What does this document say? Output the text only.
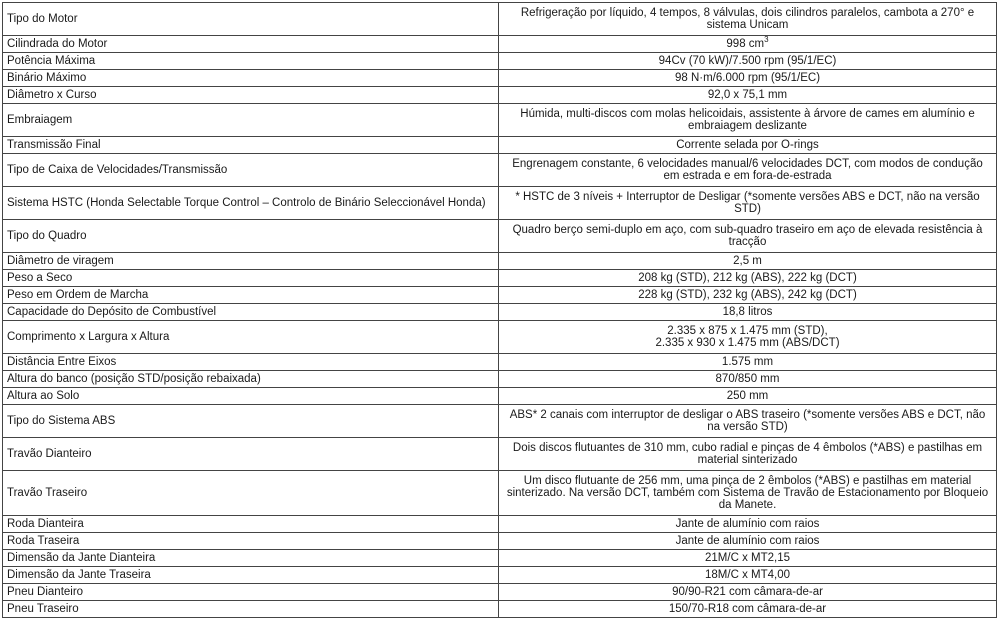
Tipo do Motor	Refrigeração por líquido, 4 tempos, 8 válvulas, dois cilindros paralelos, cambota a 270° e sistema Unicam
Cilindrada do Motor	998 $cm^3$
Potência Máxima	94Cv (70 kW)/7.500 rpm (95/1/EC)
Binário Máximo	98 N·m/6.000 rpm (95/1/EC)
Diâmetro x Curso	92,0 x 75,1 mm
Embraiagem	Húmida, multi-discos com molas helicoidais, assistente à árvore de cames em alumínio e embraiagem deslizante
Transmissão Final	Corrente selada por O-rings
Tipo de Caixa de Velocidades/Transmissão	Engrenagem constante, 6 velocidades manual/6 velocidades DCT, com modos de condução em estrada e em fora-de-estrada
Sistema HSTC (Honda Selectable Torque Control – Controlo de Binário Seleccionável Honda)	* HSTC de 3 níveis + Interruptor de Desligar (*somente versões ABS e DCT, não na versão STD)
Tipo do Quadro	Quadro berço semi-duplo em aço, com sub-quadro traseiro em aço de elevada resistência à tracção
Diâmetro de viragem	2,5 m
Peso a Seco	208 kg (STD), 212 kg (ABS), 222 kg (DCT)
Peso em Ordem de Marcha	228 kg (STD), 232 kg (ABS), 242 kg (DCT)
Capacidade do Depósito de Combustível	18,8 litros
Comprimento x Largura x Altura	2.335 x 875 x 1.475 mm (STD),
2.335 x 930 x 1.475 mm (ABS/DCT)
Distância Entre Eixos	1.575 mm
Altura do banco (posição STD/posição rebaixada)	870/850 mm
Altura ao Solo	250 mm
Tipo do Sistema ABS	ABS* 2 canais com interruptor de desligar o ABS traseiro (*somente versões ABS e DCT, não na versão STD)
Travão Dianteiro	Dois discos flutuantes de 310 mm, cubo radial e pinças de 4 êmbolos (*ABS) e pastilhas em material sinterizado
Travão Traseiro	Um disco flutuante de 256 mm, uma pinça de 2 êmbolos (*ABS) e pastilhas em material sinterizado. Na versão DCT, também com Sistema de Travão de Estacionamento por Bloqueio da Manete.
Roda Dianteira	Jante de alumínio com raios
Roda Traseira	Jante de alumínio com raios
Dimensão da Jante Dianteira	21M/C x MT2,15
Dimensão da Jante Traseira	18M/C x MT4,00
Pneu Dianteiro	90/90-R21 com câmara-de-ar
Pneu Traseiro	150/70-R18 com câmara-de-ar
